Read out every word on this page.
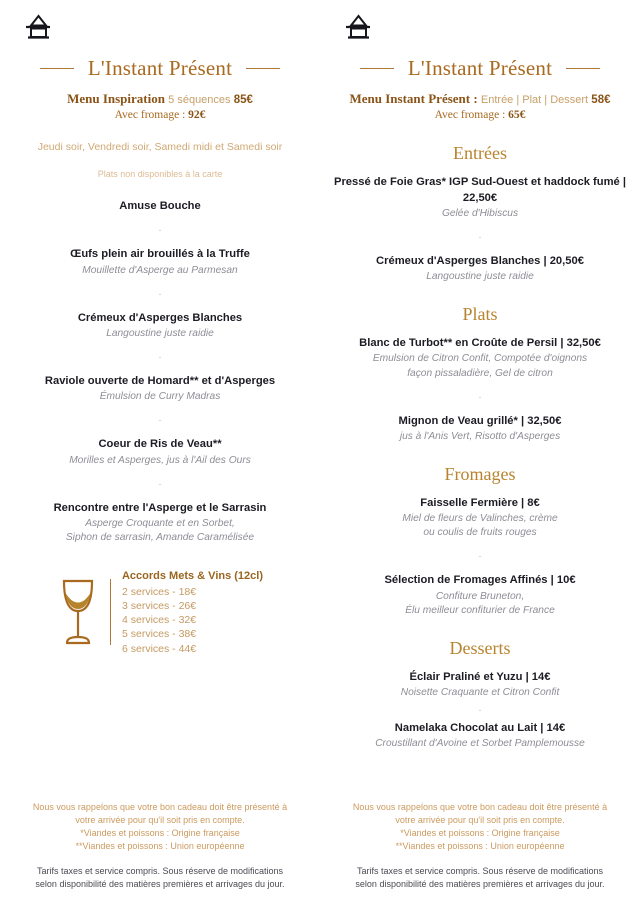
L'Instant Présent
Menu Inspiration 5 séquences 85€
Avec fromage : 92€
Jeudi soir, Vendredi soir, Samedi midi et Samedi soir
Plats non disponibles à la carte
Amuse Bouche
-
Œufs plein air brouillés à la Truffe
Mouillette d'Asperge au Parmesan
-
Crémeux d'Asperges Blanches
Langoustine juste raidie
-
Raviole ouverte de Homard** et d'Asperges
Émulsion de Curry Madras
-
Coeur de Ris de Veau**
Morilles et Asperges, jus à l'Ail des Ours
-
Rencontre entre l'Asperge et le Sarrasin
Asperge Croquante et en Sorbet,
Siphon de sarrasin, Amande Caramélisée
Accords Mets & Vins (12cl)
2 services - 18€
3 services - 26€
4 services - 32€
5 services - 38€
6 services - 44€
Nous vous rappelons que votre bon cadeau doit être présenté à
votre arrivée pour qu'il soit pris en compte.
*Viandes et poissons : Origine française
**Viandes et poissons : Union européenne
Tarifs taxes et service compris. Sous réserve de modifications
selon disponibilité des matières premières et arrivages du jour.
L'Instant Présent
Menu Instant Présent : Entrée | Plat | Dessert 58€
Avec fromage : 65€
Entrées
Pressé de Foie Gras* IGP Sud-Ouest et haddock fumé | 22,50€
Gelée d'Hibiscus
-
Crémeux d'Asperges Blanches | 20,50€
Langoustine juste raidie
Plats
Blanc de Turbot** en Croûte de Persil | 32,50€
Emulsion de Citron Confit, Compotée d'oignons
façon pissaladière, Gel de citron
-
Mignon de Veau grillé* | 32,50€
jus à l'Anis Vert, Risotto d'Asperges
Fromages
Faisselle Fermière | 8€
Miel de fleurs de Valinches, crème
ou coulis de fruits rouges
-
Sélection de Fromages Affinés | 10€
Confiture Bruneton,
Élu meilleur confiturier de France
Desserts
Éclair Praliné et Yuzu | 14€
Noisette Craquante et Citron Confit
-
Namelaka Chocolat au Lait | 14€
Croustillant d'Avoine et Sorbet Pamplemousse
Nous vous rappelons que votre bon cadeau doit être présenté à
votre arrivée pour qu'il soit pris en compte.
*Viandes et poissons : Origine française
**Viandes et poissons : Union européenne
Tarifs taxes et service compris. Sous réserve de modifications
selon disponibilité des matières premières et arrivages du jour.
